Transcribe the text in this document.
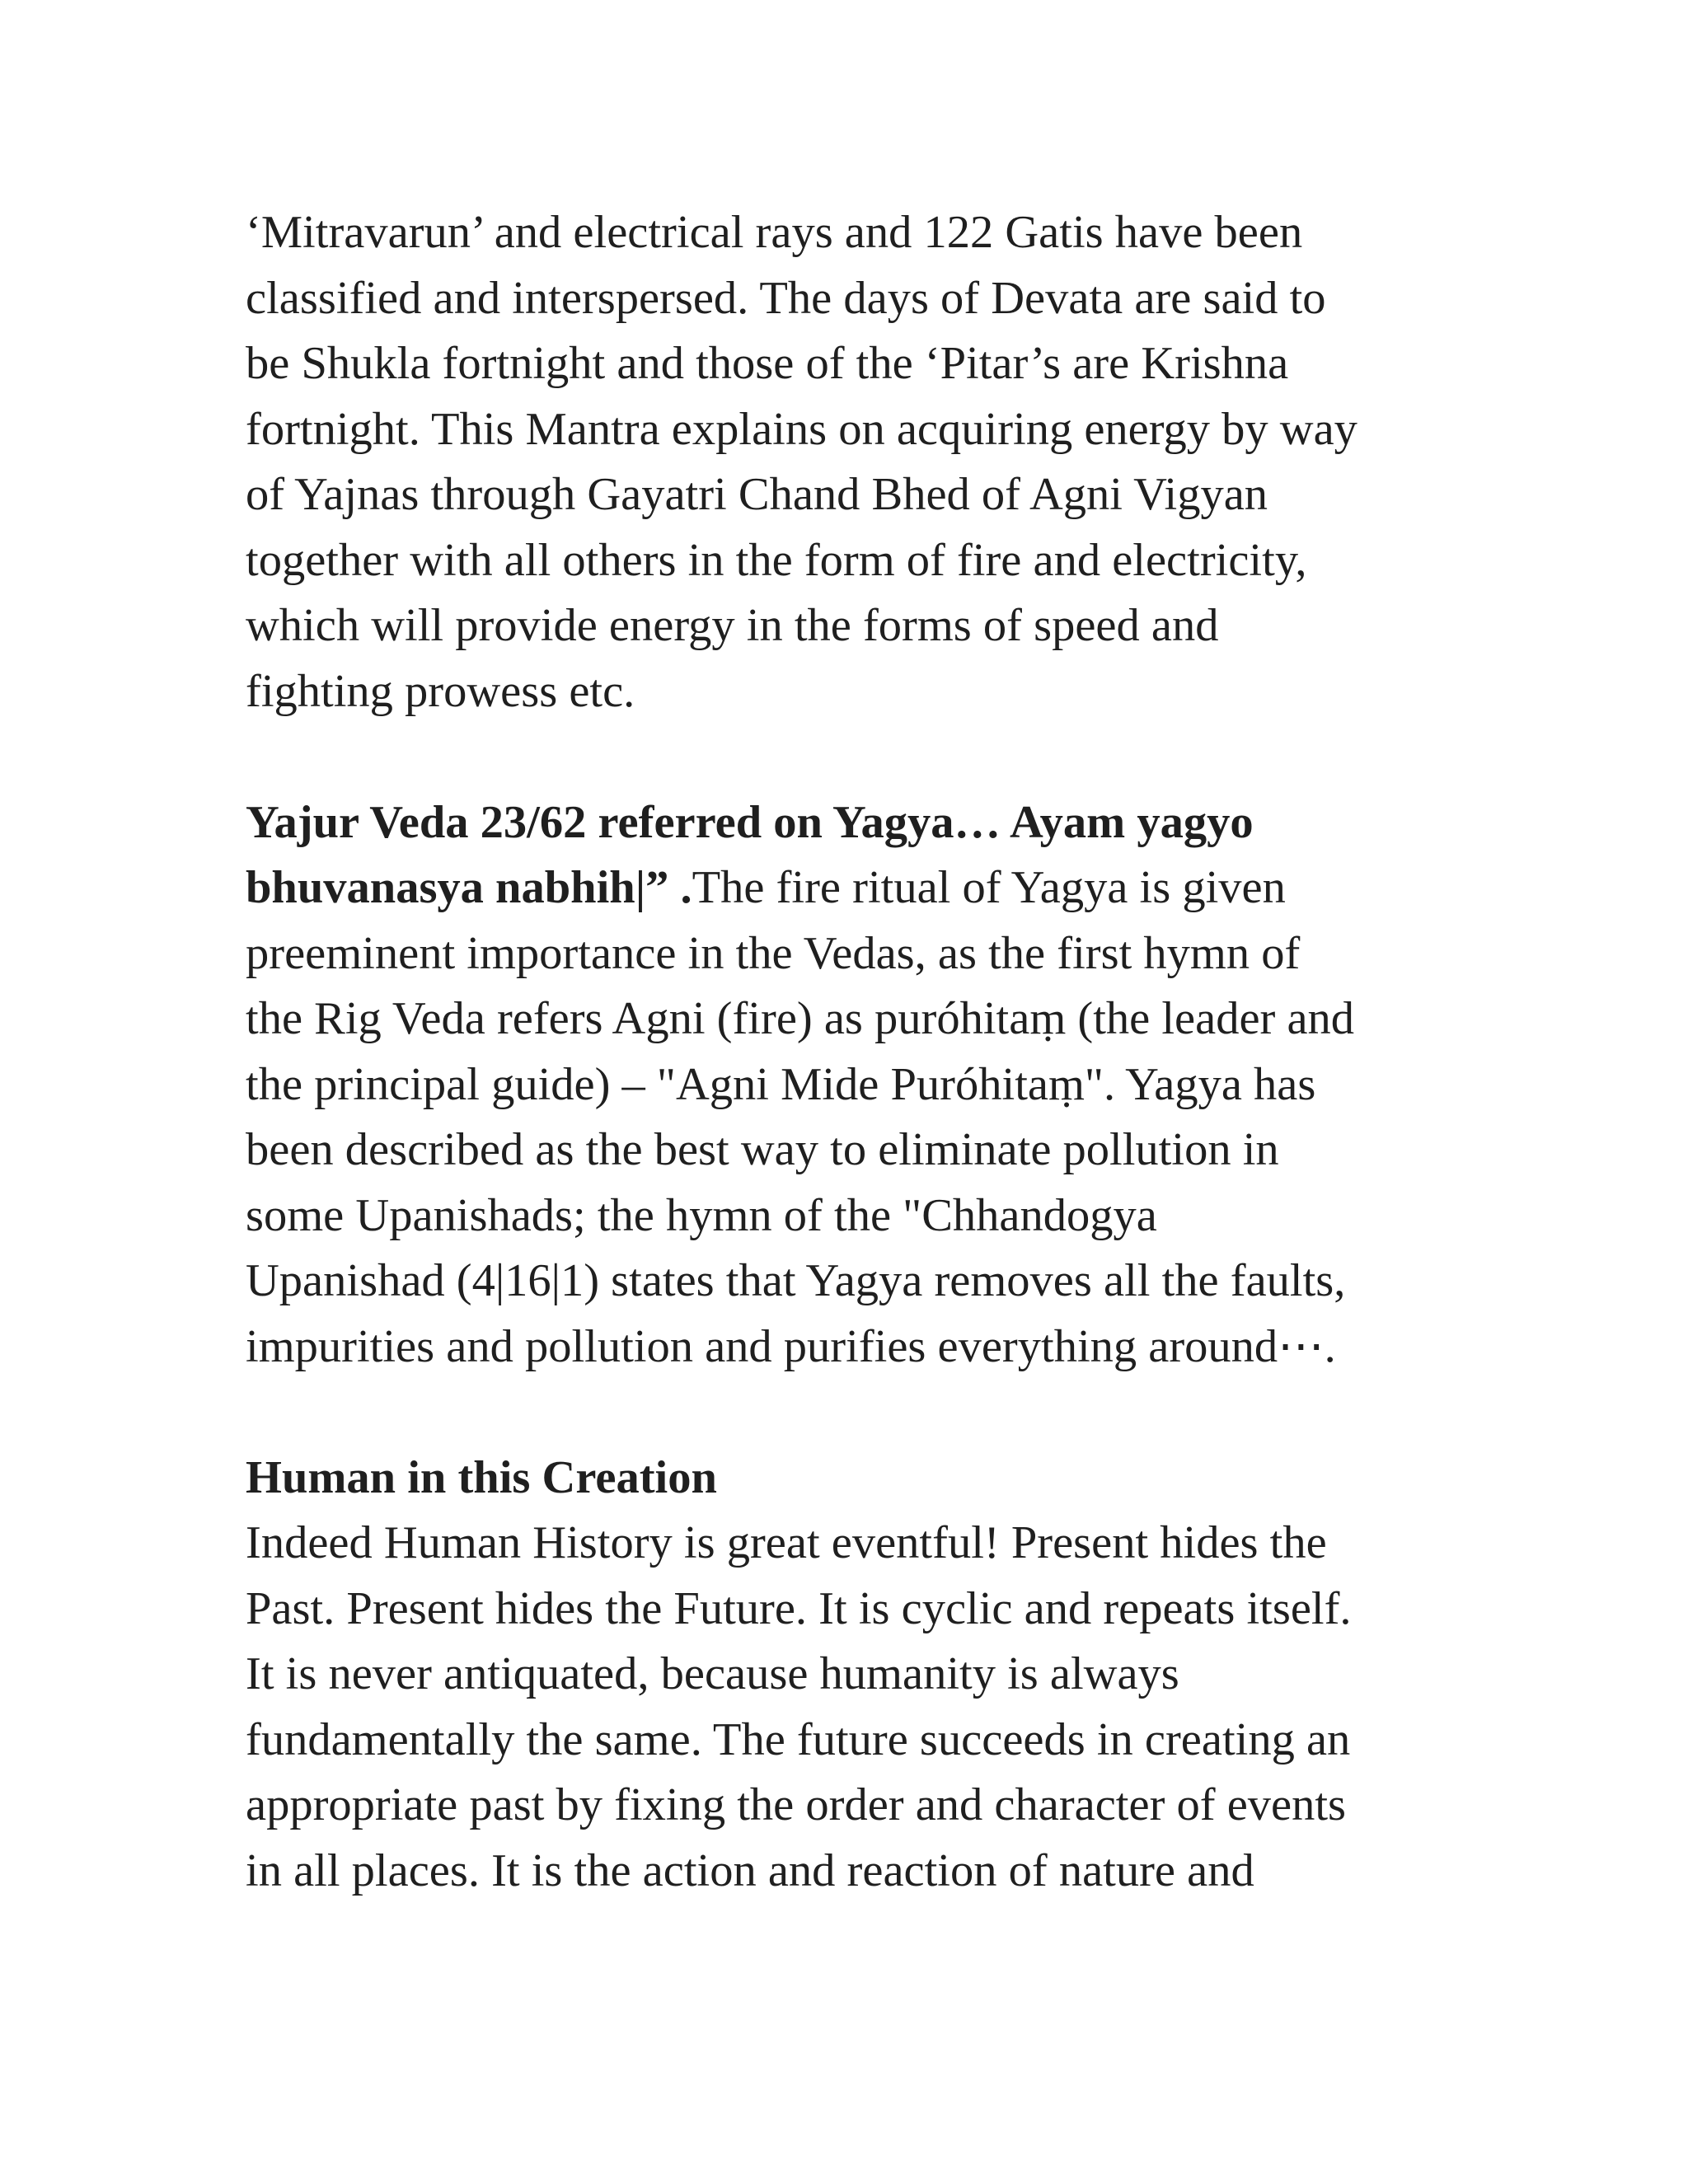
‘Mitravarun’ and electrical rays and 122 Gatis have been
classified and interspersed. The days of Devata are said to
be Shukla fortnight and those of the ‘Pitar’s are Krishna
fortnight. This Mantra explains on acquiring energy by way
of Yajnas through Gayatri Chand Bhed of Agni Vigyan
together with all others in the form of fire and electricity,
which will provide energy in the forms of speed and
fighting prowess etc.
Yajur Veda 23/62 referred on Yagya… Ayam yagyo
bhuvanasya nabhih|” .The fire ritual of Yagya is given
preeminent importance in the Vedas, as the first hymn of
the Rig Veda refers Agni (fire) as puróhitaṃ (the leader and
the principal guide) – "Agni Mide Puróhitaṃ". Yagya has
been described as the best way to eliminate pollution in
some Upanishads; the hymn of the "Chhandogya
Upanishad (4|16|1) states that Yagya removes all the faults,
impurities and pollution and purifies everything around⋯.
Human in this Creation
Indeed Human History is great eventful! Present hides the
Past. Present hides the Future. It is cyclic and repeats itself.
It is never antiquated, because humanity is always
fundamentally the same. The future succeeds in creating an
appropriate past by fixing the order and character of events
in all places. It is the action and reaction of nature and
